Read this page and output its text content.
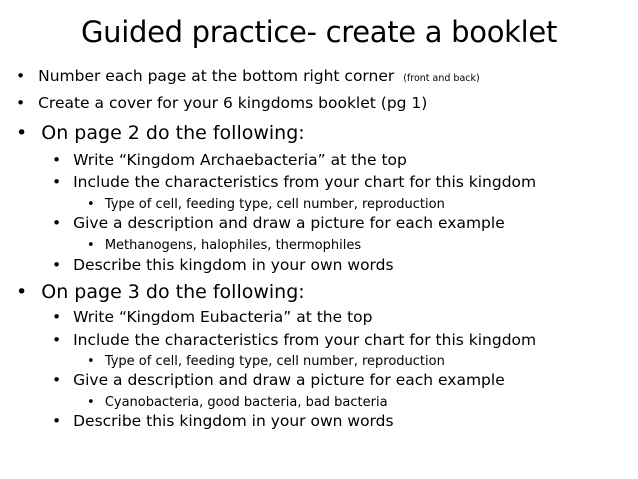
Guided practice- create a booklet
• Number each page at the bottom right corner (front and back)
• Create a cover for your 6 kingdoms booklet (pg 1)
• On page 2 do the following:
• Write “Kingdom Archaebacteria” at the top
• Include the characteristics from your chart for this kingdom
• Type of cell, feeding type, cell number, reproduction
• Give a description and draw a picture for each example
• Methanogens, halophiles, thermophiles
• Describe this kingdom in your own words
• On page 3 do the following:
• Write “Kingdom Eubacteria” at the top
• Include the characteristics from your chart for this kingdom
• Type of cell, feeding type, cell number, reproduction
• Give a description and draw a picture for each example
• Cyanobacteria, good bacteria, bad bacteria
• Describe this kingdom in your own words
